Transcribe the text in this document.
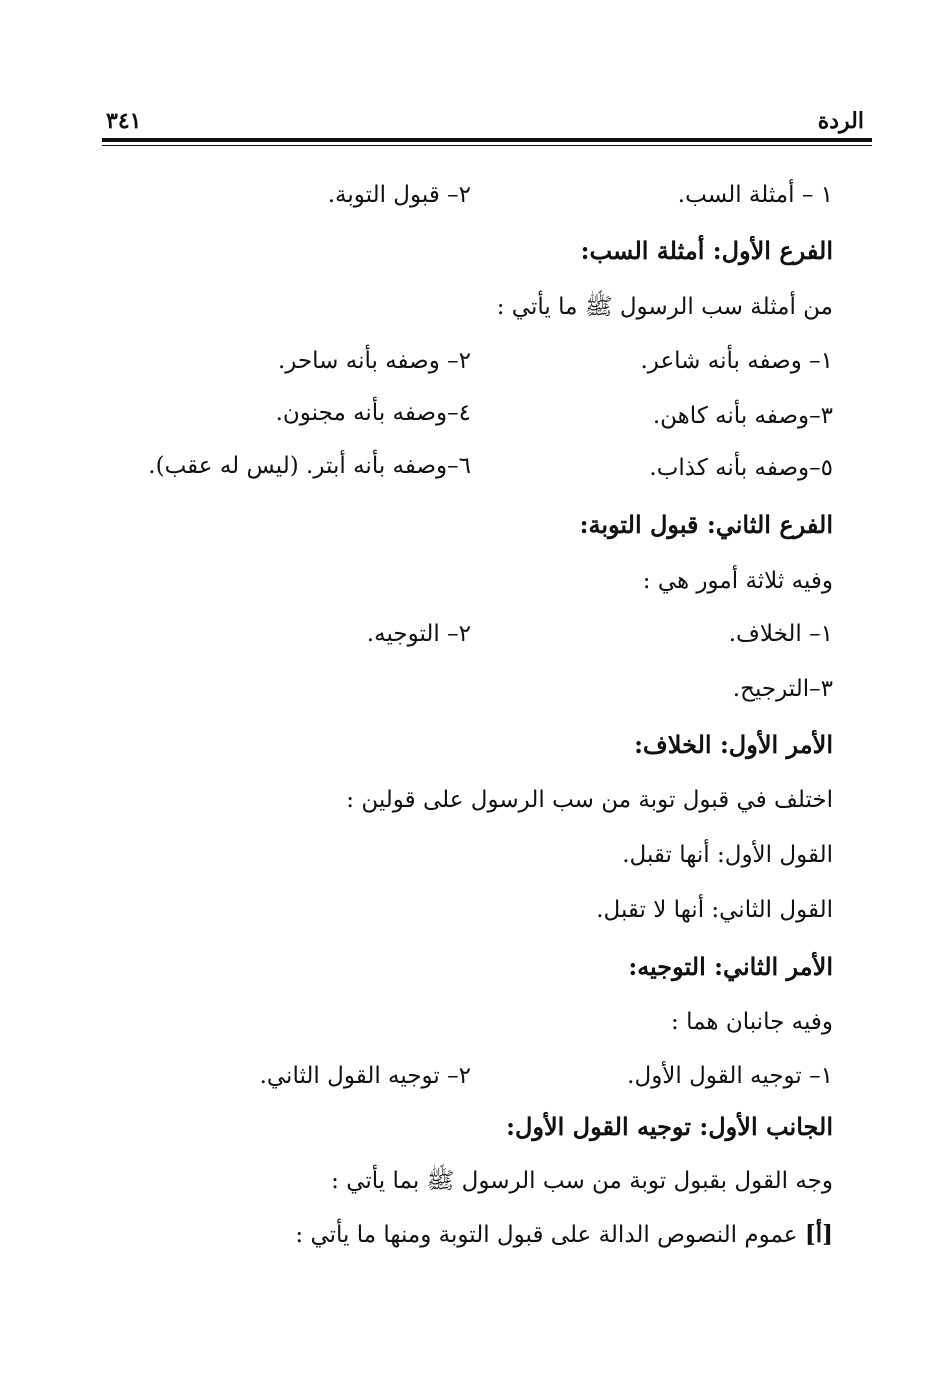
الردة
٣٤١
١ – أمثلة السب.
٢– قبول التوبة.
الفرع الأول: أمثلة السب:
من أمثلة سب الرسول ﷺ ما يأتي :
١– وصفه بأنه شاعر.
٢– وصفه بأنه ساحر.
٣–وصفه بأنه كاهن.
٤–وصفه بأنه مجنون.
٥–وصفه بأنه كذاب.
٦–وصفه بأنه أبتر. (ليس له عقب).
الفرع الثاني: قبول التوبة:
وفيه ثلاثة أمور هي :
١– الخلاف.
٢– التوجيه.
٣–الترجيح.
الأمر الأول: الخلاف:
اختلف في قبول توبة من سب الرسول على قولين :
القول الأول: أنها تقبل.
القول الثاني: أنها لا تقبل.
الأمر الثاني: التوجيه:
وفيه جانبان هما :
١– توجيه القول الأول.
٢– توجيه القول الثاني.
الجانب الأول: توجيه القول الأول:
وجه القول بقبول توبة من سب الرسول ﷺ بما يأتي :
[أ] عموم النصوص الدالة على قبول التوبة ومنها ما يأتي :
